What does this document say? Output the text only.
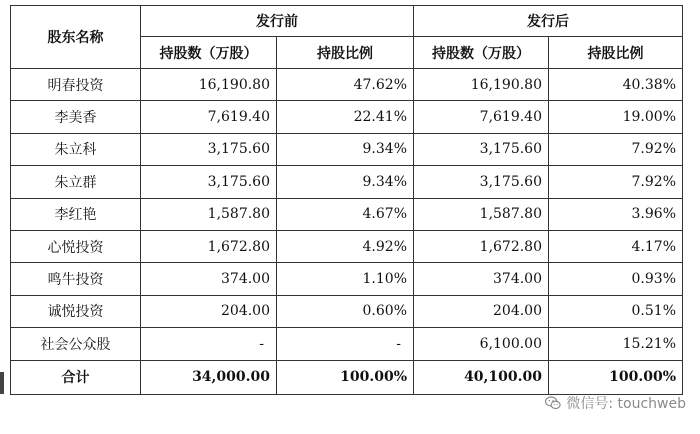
股东名称	发行前		发行后	
	持股数（万股）	持股比例	持股数（万股）	持股比例
明春投资	16,190.80	47.62%	16,190.80	40.38%
李美香	7,619.40	22.41%	7,619.40	19.00%
朱立科	3,175.60	9.34%	3,175.60	7.92%
朱立群	3,175.60	9.34%	3,175.60	7.92%
李红艳	1,587.80	4.67%	1,587.80	3.96%
心悦投资	1,672.80	4.92%	1,672.80	4.17%
鸣牛投资	374.00	1.10%	374.00	0.93%
诚悦投资	204.00	0.60%	204.00	0.51%
社会公众股	-	-	6,100.00	15.21%
合计	34,000.00	100.00%	40,100.00	100.00%
微信号: touchweb
